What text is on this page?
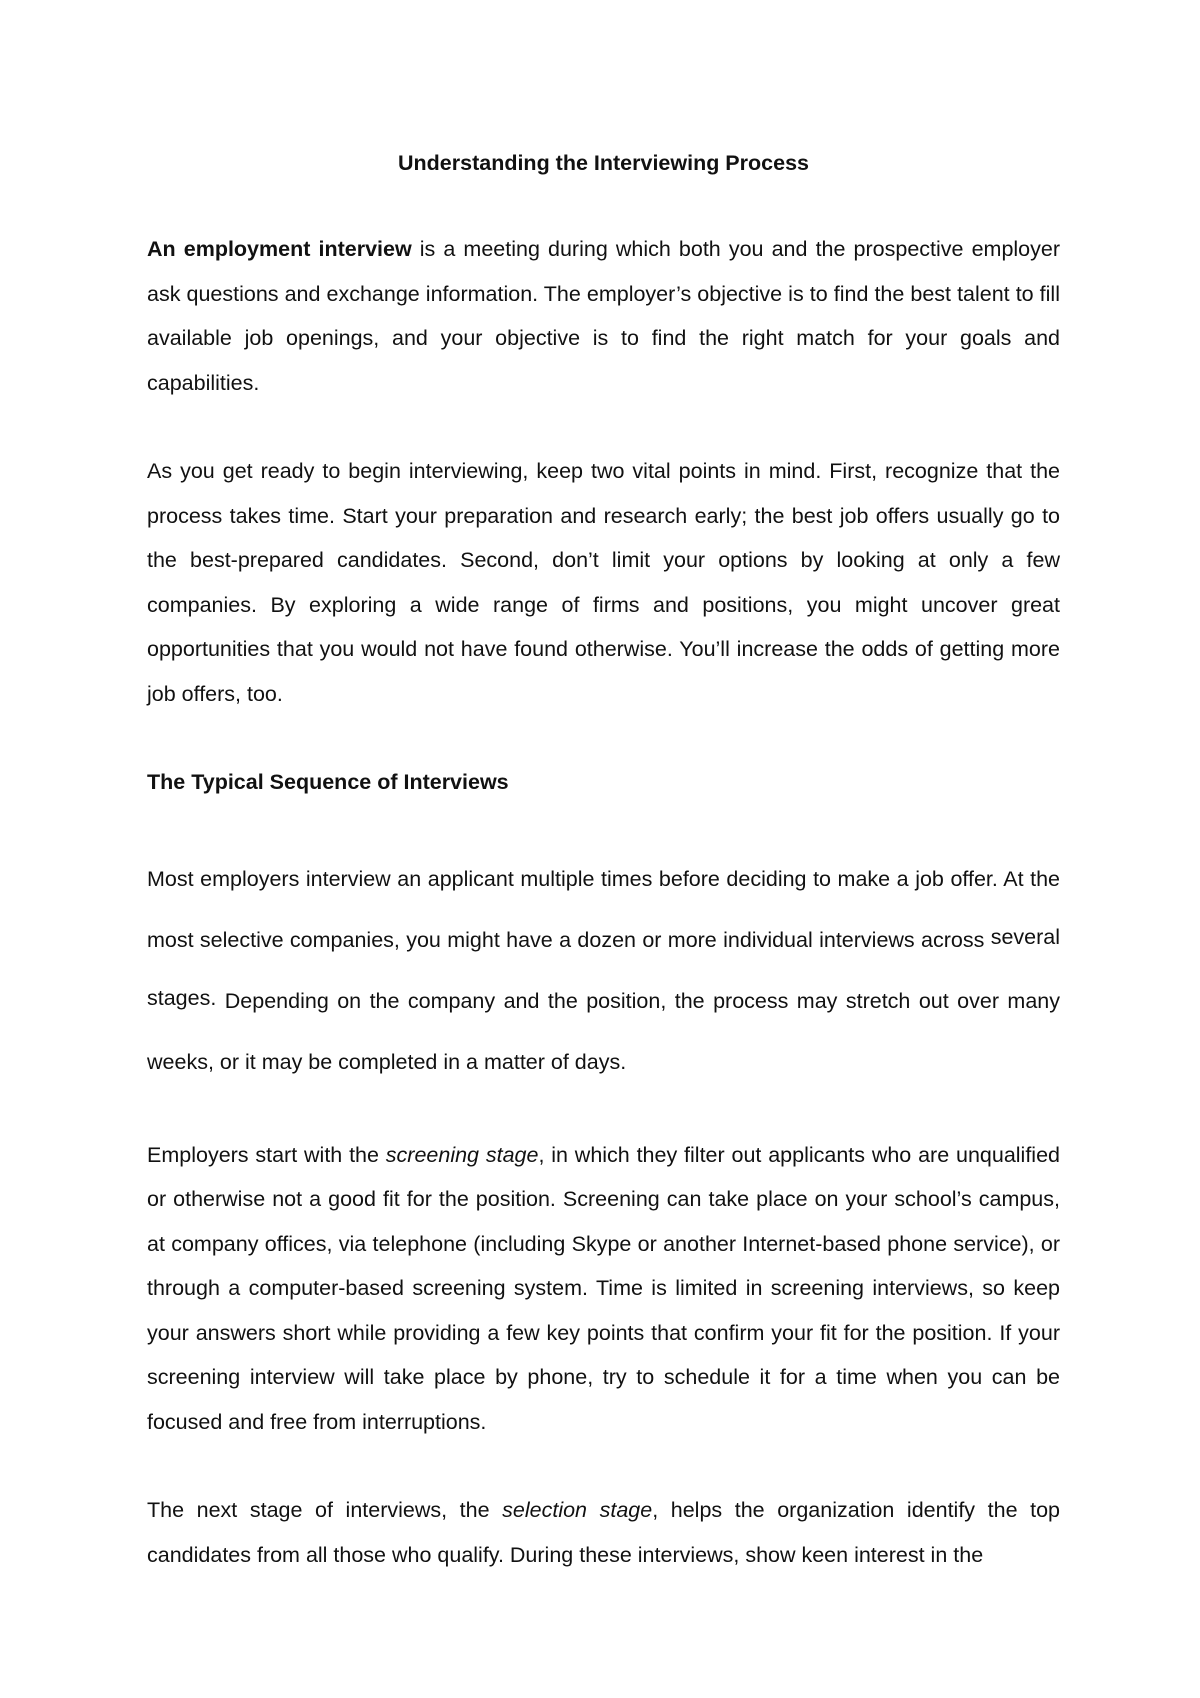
Understanding the Interviewing Process

An employment interview is a meeting during which both you and the prospective employer ask questions and exchange information. The employer’s objective is to find the best talent to fill available job openings, and your objective is to find the right match for your goals and capabilities.

As you get ready to begin interviewing, keep two vital points in mind. First, recognize that the process takes time. Start your preparation and research early; the best job offers usually go to the best-prepared candidates. Second, don’t limit your options by looking at only a few companies. By exploring a wide range of firms and positions, you might uncover great opportunities that you would not have found otherwise. You’ll increase the odds of getting more job offers, too.

The Typical Sequence of Interviews

Most employers interview an applicant multiple times before deciding to make a job offer. At the most selective companies, you might have a dozen or more individual interviews across several stages. Depending on the company and the position, the process may stretch out over many weeks, or it may be completed in a matter of days.

Employers start with the screening stage, in which they filter out applicants who are unqualified or otherwise not a good fit for the position. Screening can take place on your school’s campus, at company offices, via telephone (including Skype or another Internet-based phone service), or through a computer-based screening system. Time is limited in screening interviews, so keep your answers short while providing a few key points that confirm your fit for the position. If your screening interview will take place by phone, try to schedule it for a time when you can be focused and free from interruptions.

The next stage of interviews, the selection stage, helps the organization identify the top candidates from all those who qualify. During these interviews, show keen interest in the
